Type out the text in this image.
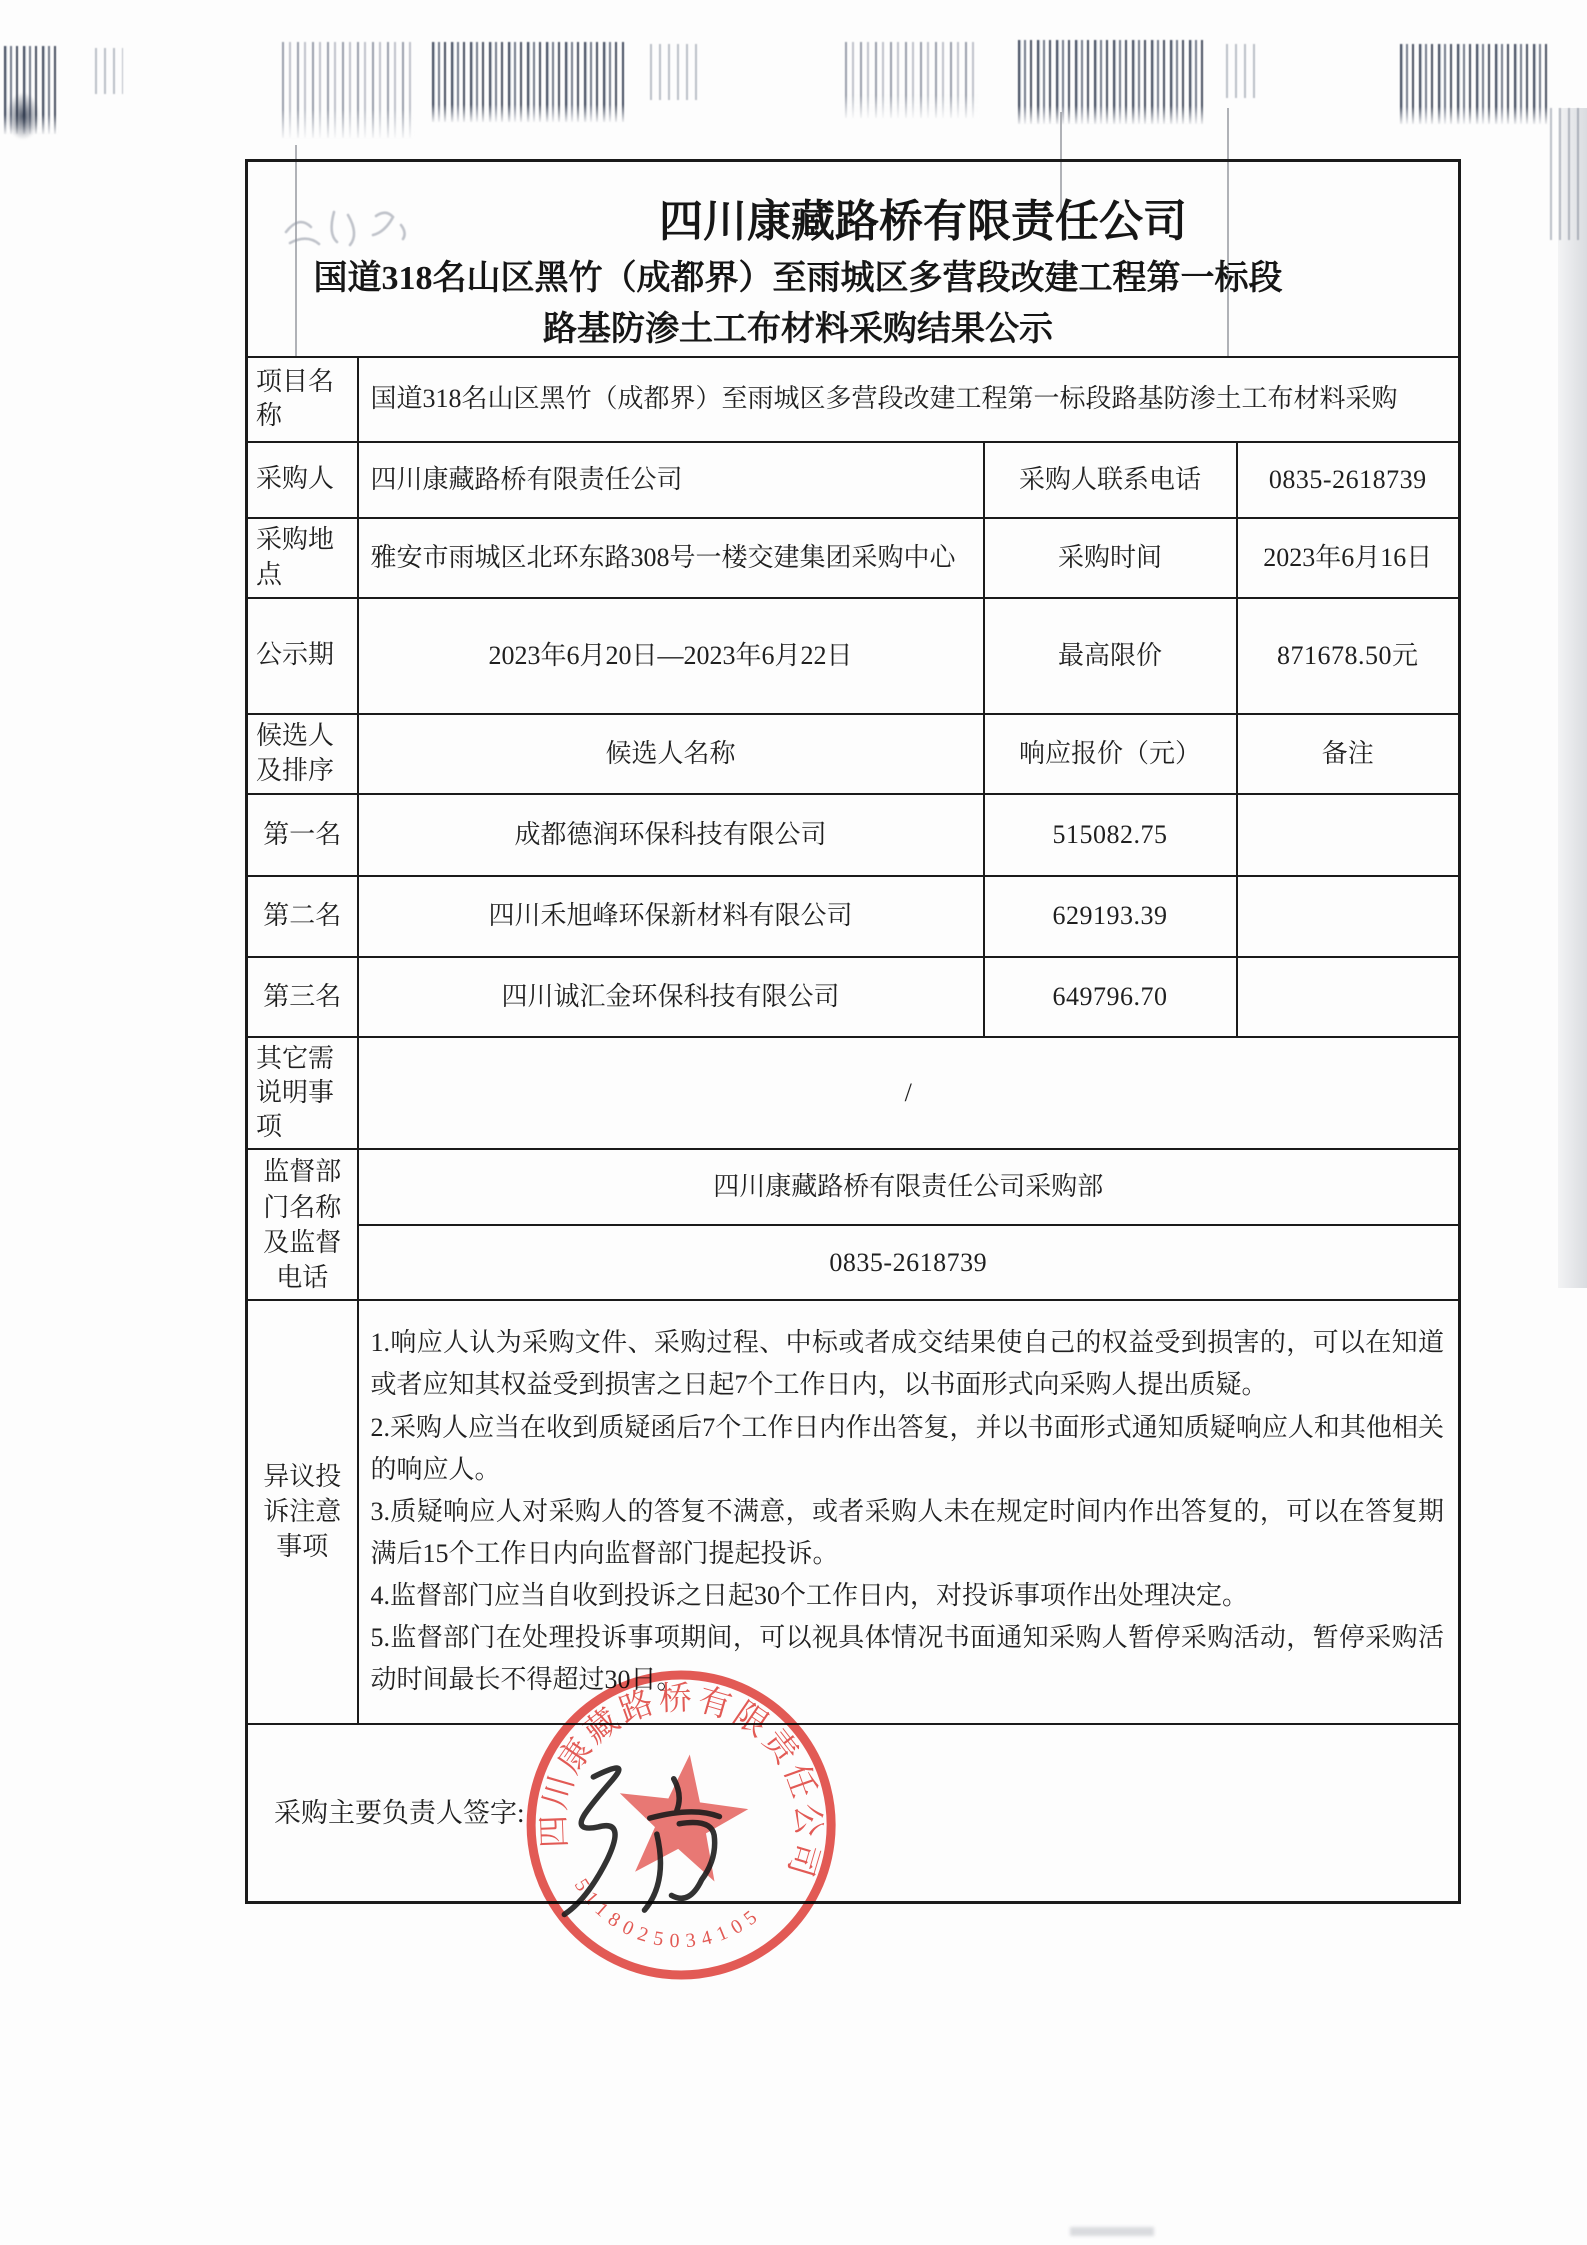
四川康藏路桥有限责任公司
国道318名山区黑竹（成都界）至雨城区多营段改建工程第一标段
路基防渗土工布材料采购结果公示			

项目名称	国道318名山区黑竹（成都界）至雨城区多营段改建工程第一标段路基防渗土工布材料采购		
采购人	四川康藏路桥有限责任公司	采购人联系电话	0835-2618739
采购地点	雅安市雨城区北环东路308号一楼交建集团采购中心	采购时间	2023年6月16日
公示期	2023年6月20日—2023年6月22日	最高限价	871678.50元
候选人及排序	候选人名称	响应报价（元）	备注
第一名	成都德润环保科技有限公司	515082.75	
第二名	四川禾旭峰环保新材料有限公司	629193.39	
第三名	四川诚汇金环保科技有限公司	649796.70	
其它需说明事项	/		
监督部门名称及监督电话	四川康藏路桥有限责任公司采购部		
	0835-2618739		
异议投诉注意事项	1.响应人认为采购文件、采购过程、中标或者成交结果使自己的权益受到损害的，可以在知道或者应知其权益受到损害之日起7个工作日内，以书面形式向采购人提出质疑。
2.采购人应当在收到质疑函后7个工作日内作出答复，并以书面形式通知质疑响应人和其他相关的响应人。
3.质疑响应人对采购人的答复不满意，或者采购人未在规定时间内作出答复的，可以在答复期满后15个工作日内向监督部门提起投诉。
4.监督部门应当自收到投诉之日起30个工作日内，对投诉事项作出处理决定。
5.监督部门在处理投诉事项期间，可以视具体情况书面通知采购人暂停采购活动，暂停采购活动时间最长不得超过30日。		

采购主要负责人签字:			四川康藏路桥有限责任公司
5118025034105
